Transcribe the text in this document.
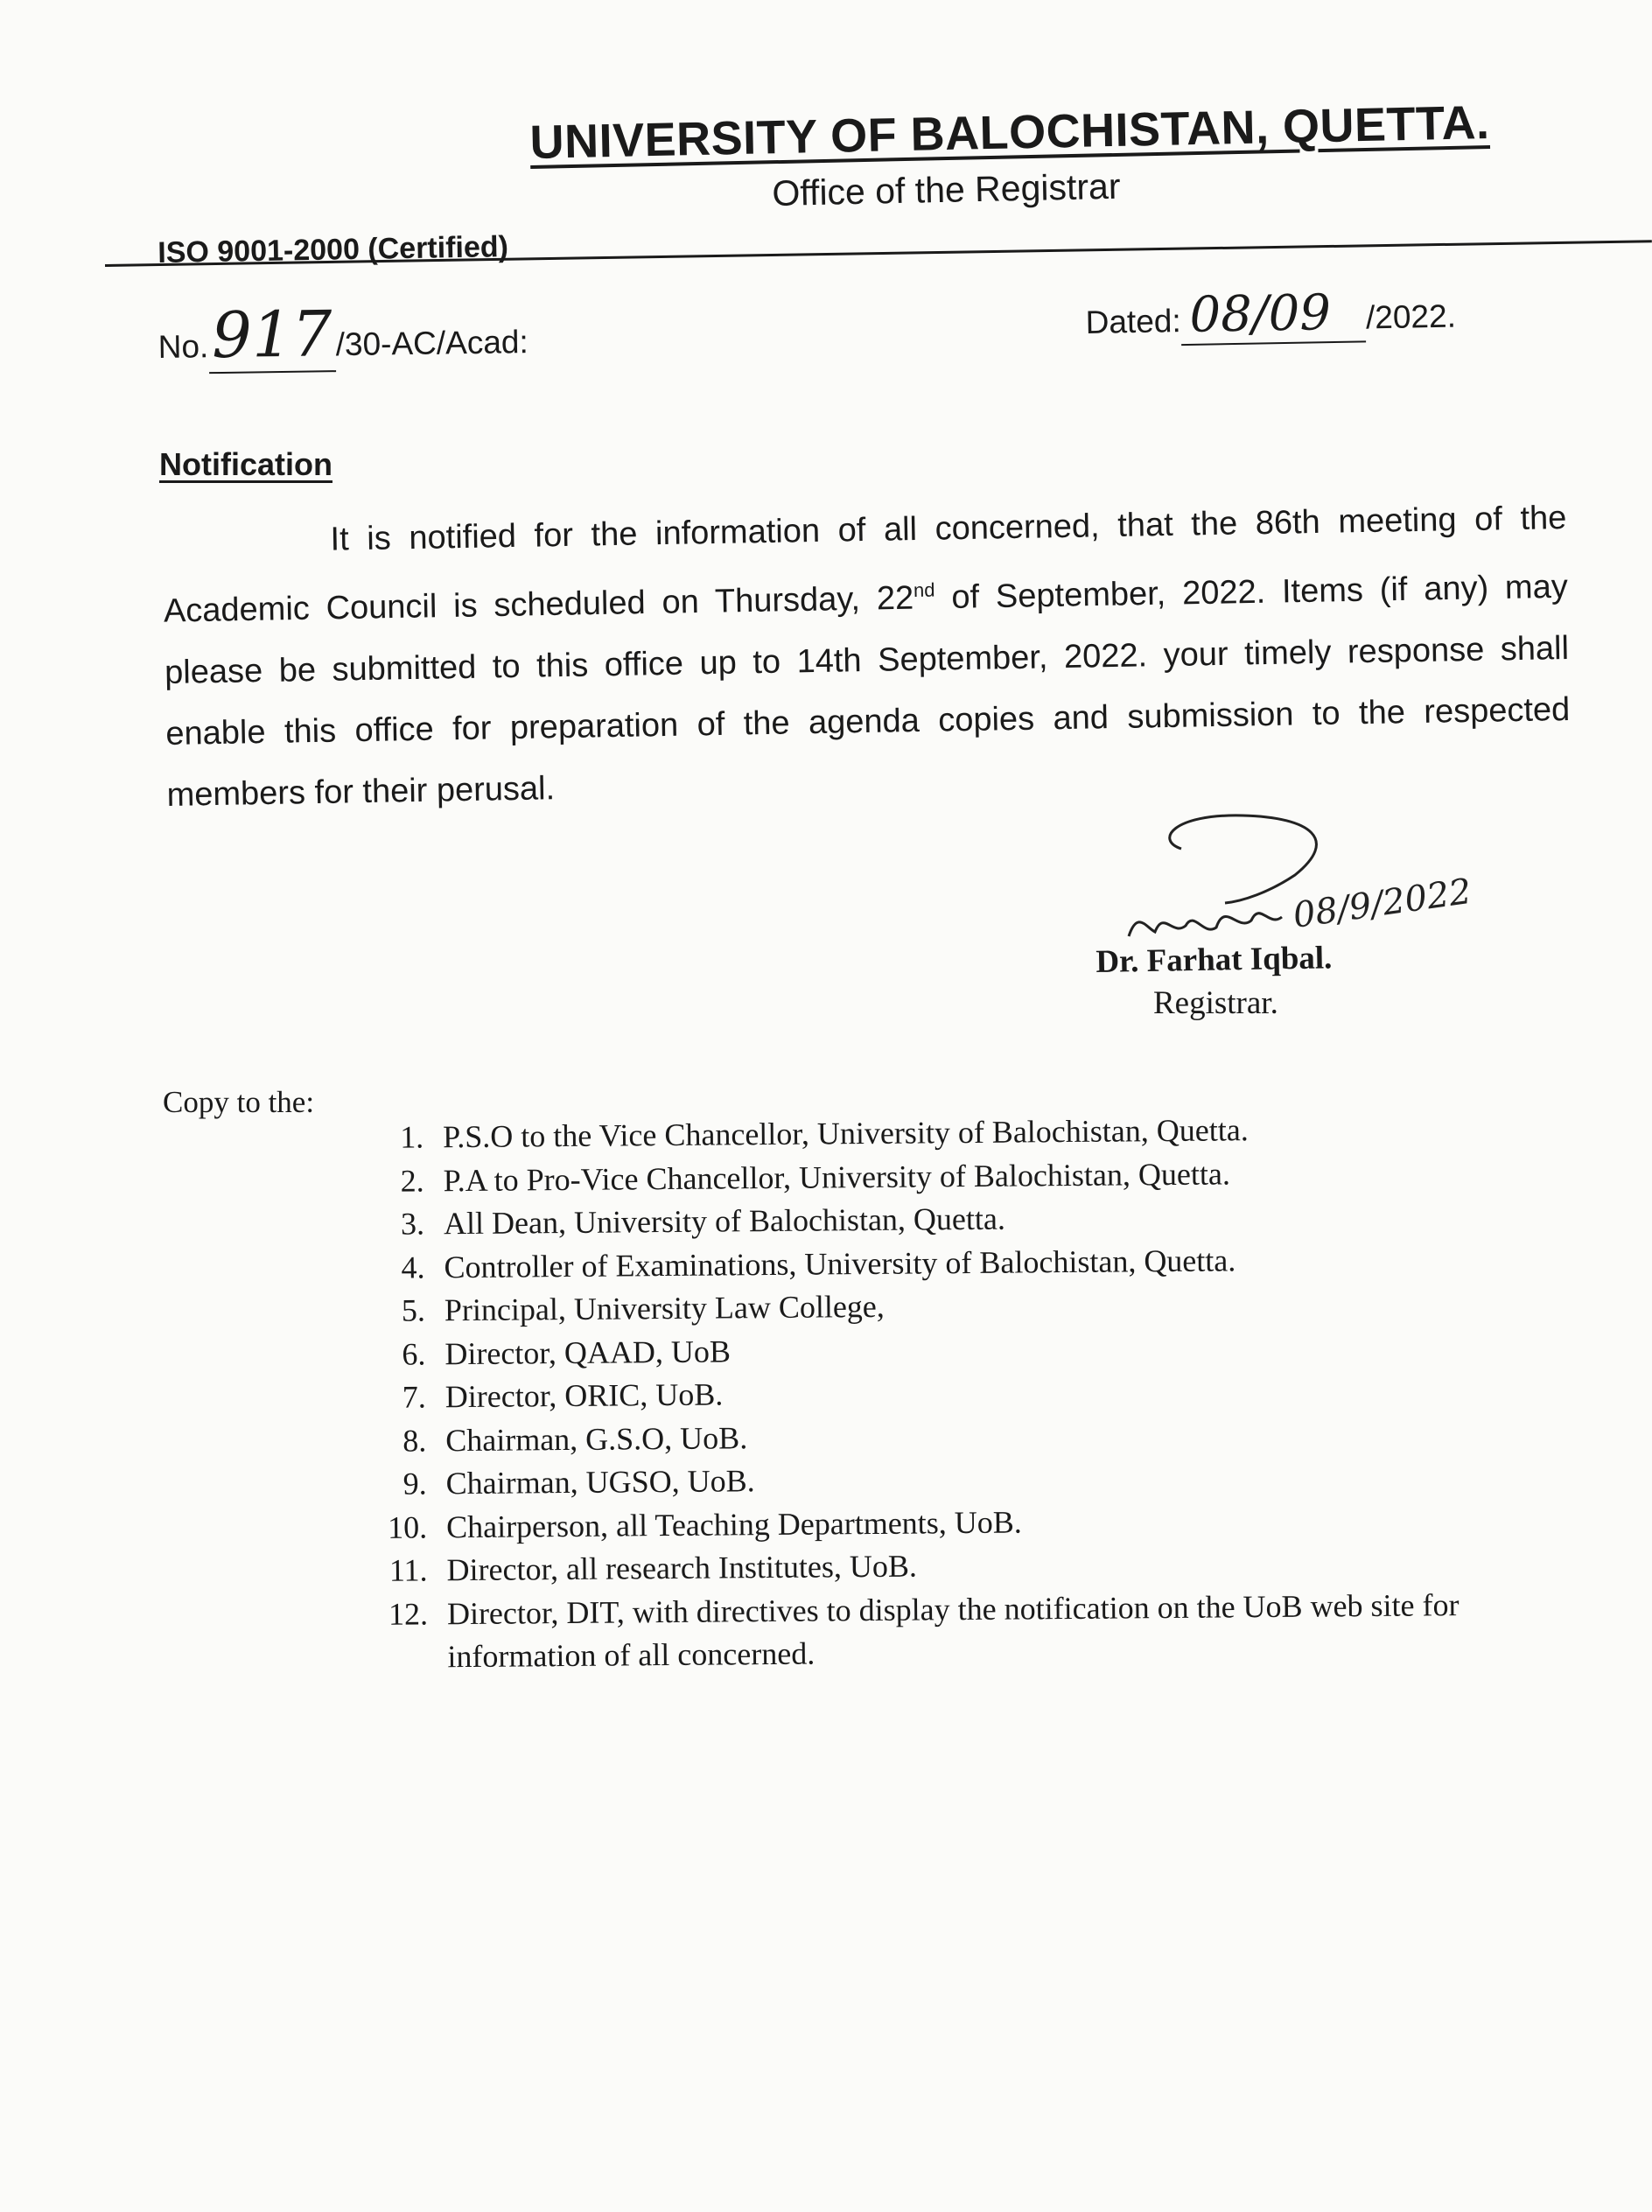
UNIVERSITY OF BALOCHISTAN, QUETTA.
Office of the Registrar
ISO 9001-2000 (Certified)
No.917/30-AC/Acad:
Dated: 08/09 /2022.
Notification

It is notified for the information of all concerned, that the 86th meeting of the Academic Council is scheduled on Thursday, 22nd of September, 2022. Items (if any) may please be submitted to this office up to 14th September, 2022. your timely response shall enable this office for preparation of the agenda copies and submission to the respected members for their perusal.

08/9/2022
Dr. Farhat Iqbal.
Registrar.
Copy to the:
1. P.S.O to the Vice Chancellor, University of Balochistan, Quetta.
2. P.A to Pro-Vice Chancellor, University of Balochistan, Quetta.
3. All Dean, University of Balochistan, Quetta.
4. Controller of Examinations, University of Balochistan, Quetta.
5. Principal, University Law College,
6. Director, QAAD, UoB
7. Director, ORIC, UoB.
8. Chairman, G.S.O, UoB.
9. Chairman, UGSO, UoB.
10. Chairperson, all Teaching Departments, UoB.
11. Director, all research Institutes, UoB.
12. Director, DIT, with directives to display the notification on the UoB web site for information of all concerned.
